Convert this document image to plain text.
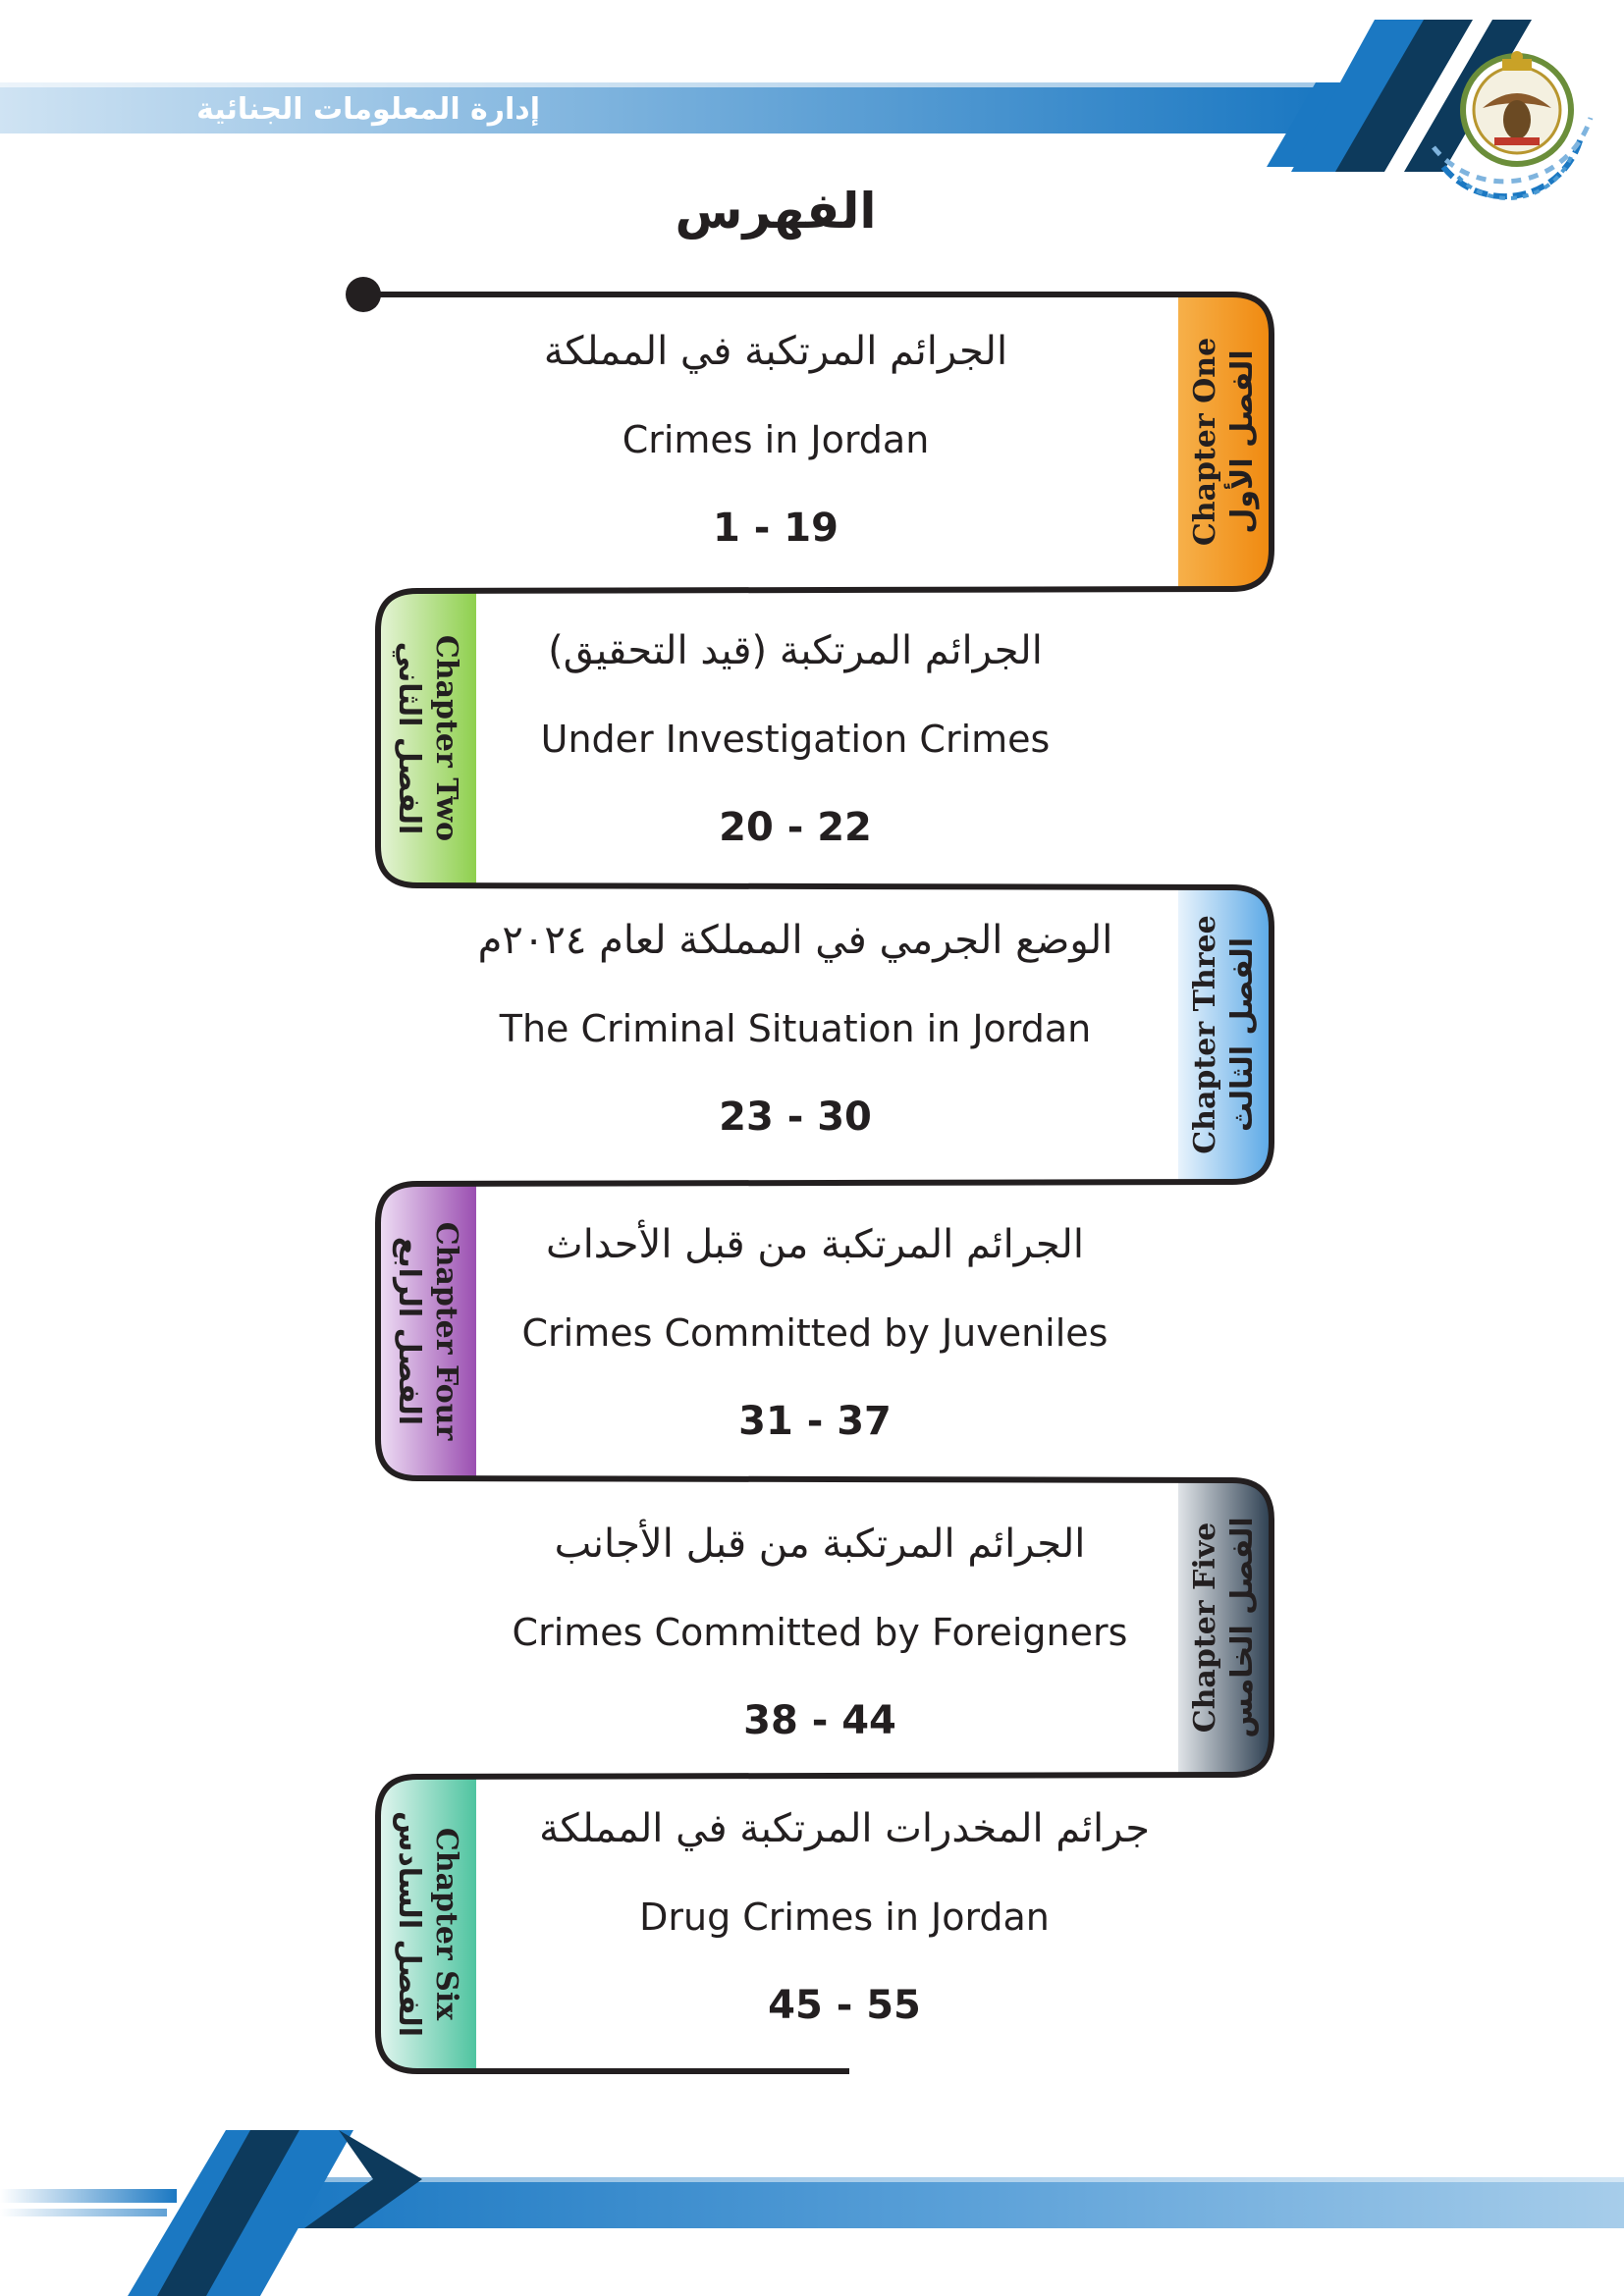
إدارة المعلومات الجنائية
الفهرس
Chapter One الفصل الأول
Chapter Two
الفصل الثاني
Chapter Three الفصل الثالث
Chapter Four
الفصل الرابع
Chapter Five الفصل الخامس
Chapter Six
الفصل السادس
الجرائم المرتكبة في المملكة
Crimes in Jordan
1 - 19
الجرائم المرتكبة (قيد التحقيق)
Under Investigation Crimes
20 - 22
الوضع الجرمي في المملكة لعام ٢٠٢٤م
The Criminal Situation in Jordan
23 - 30
الجرائم المرتكبة من قبل الأحداث
Crimes Committed by Juveniles
31 - 37
الجرائم المرتكبة من قبل الأجانب
Crimes Committed by Foreigners
38 - 44
جرائم المخدرات المرتكبة في المملكة
Drug Crimes in Jordan
45 - 55
